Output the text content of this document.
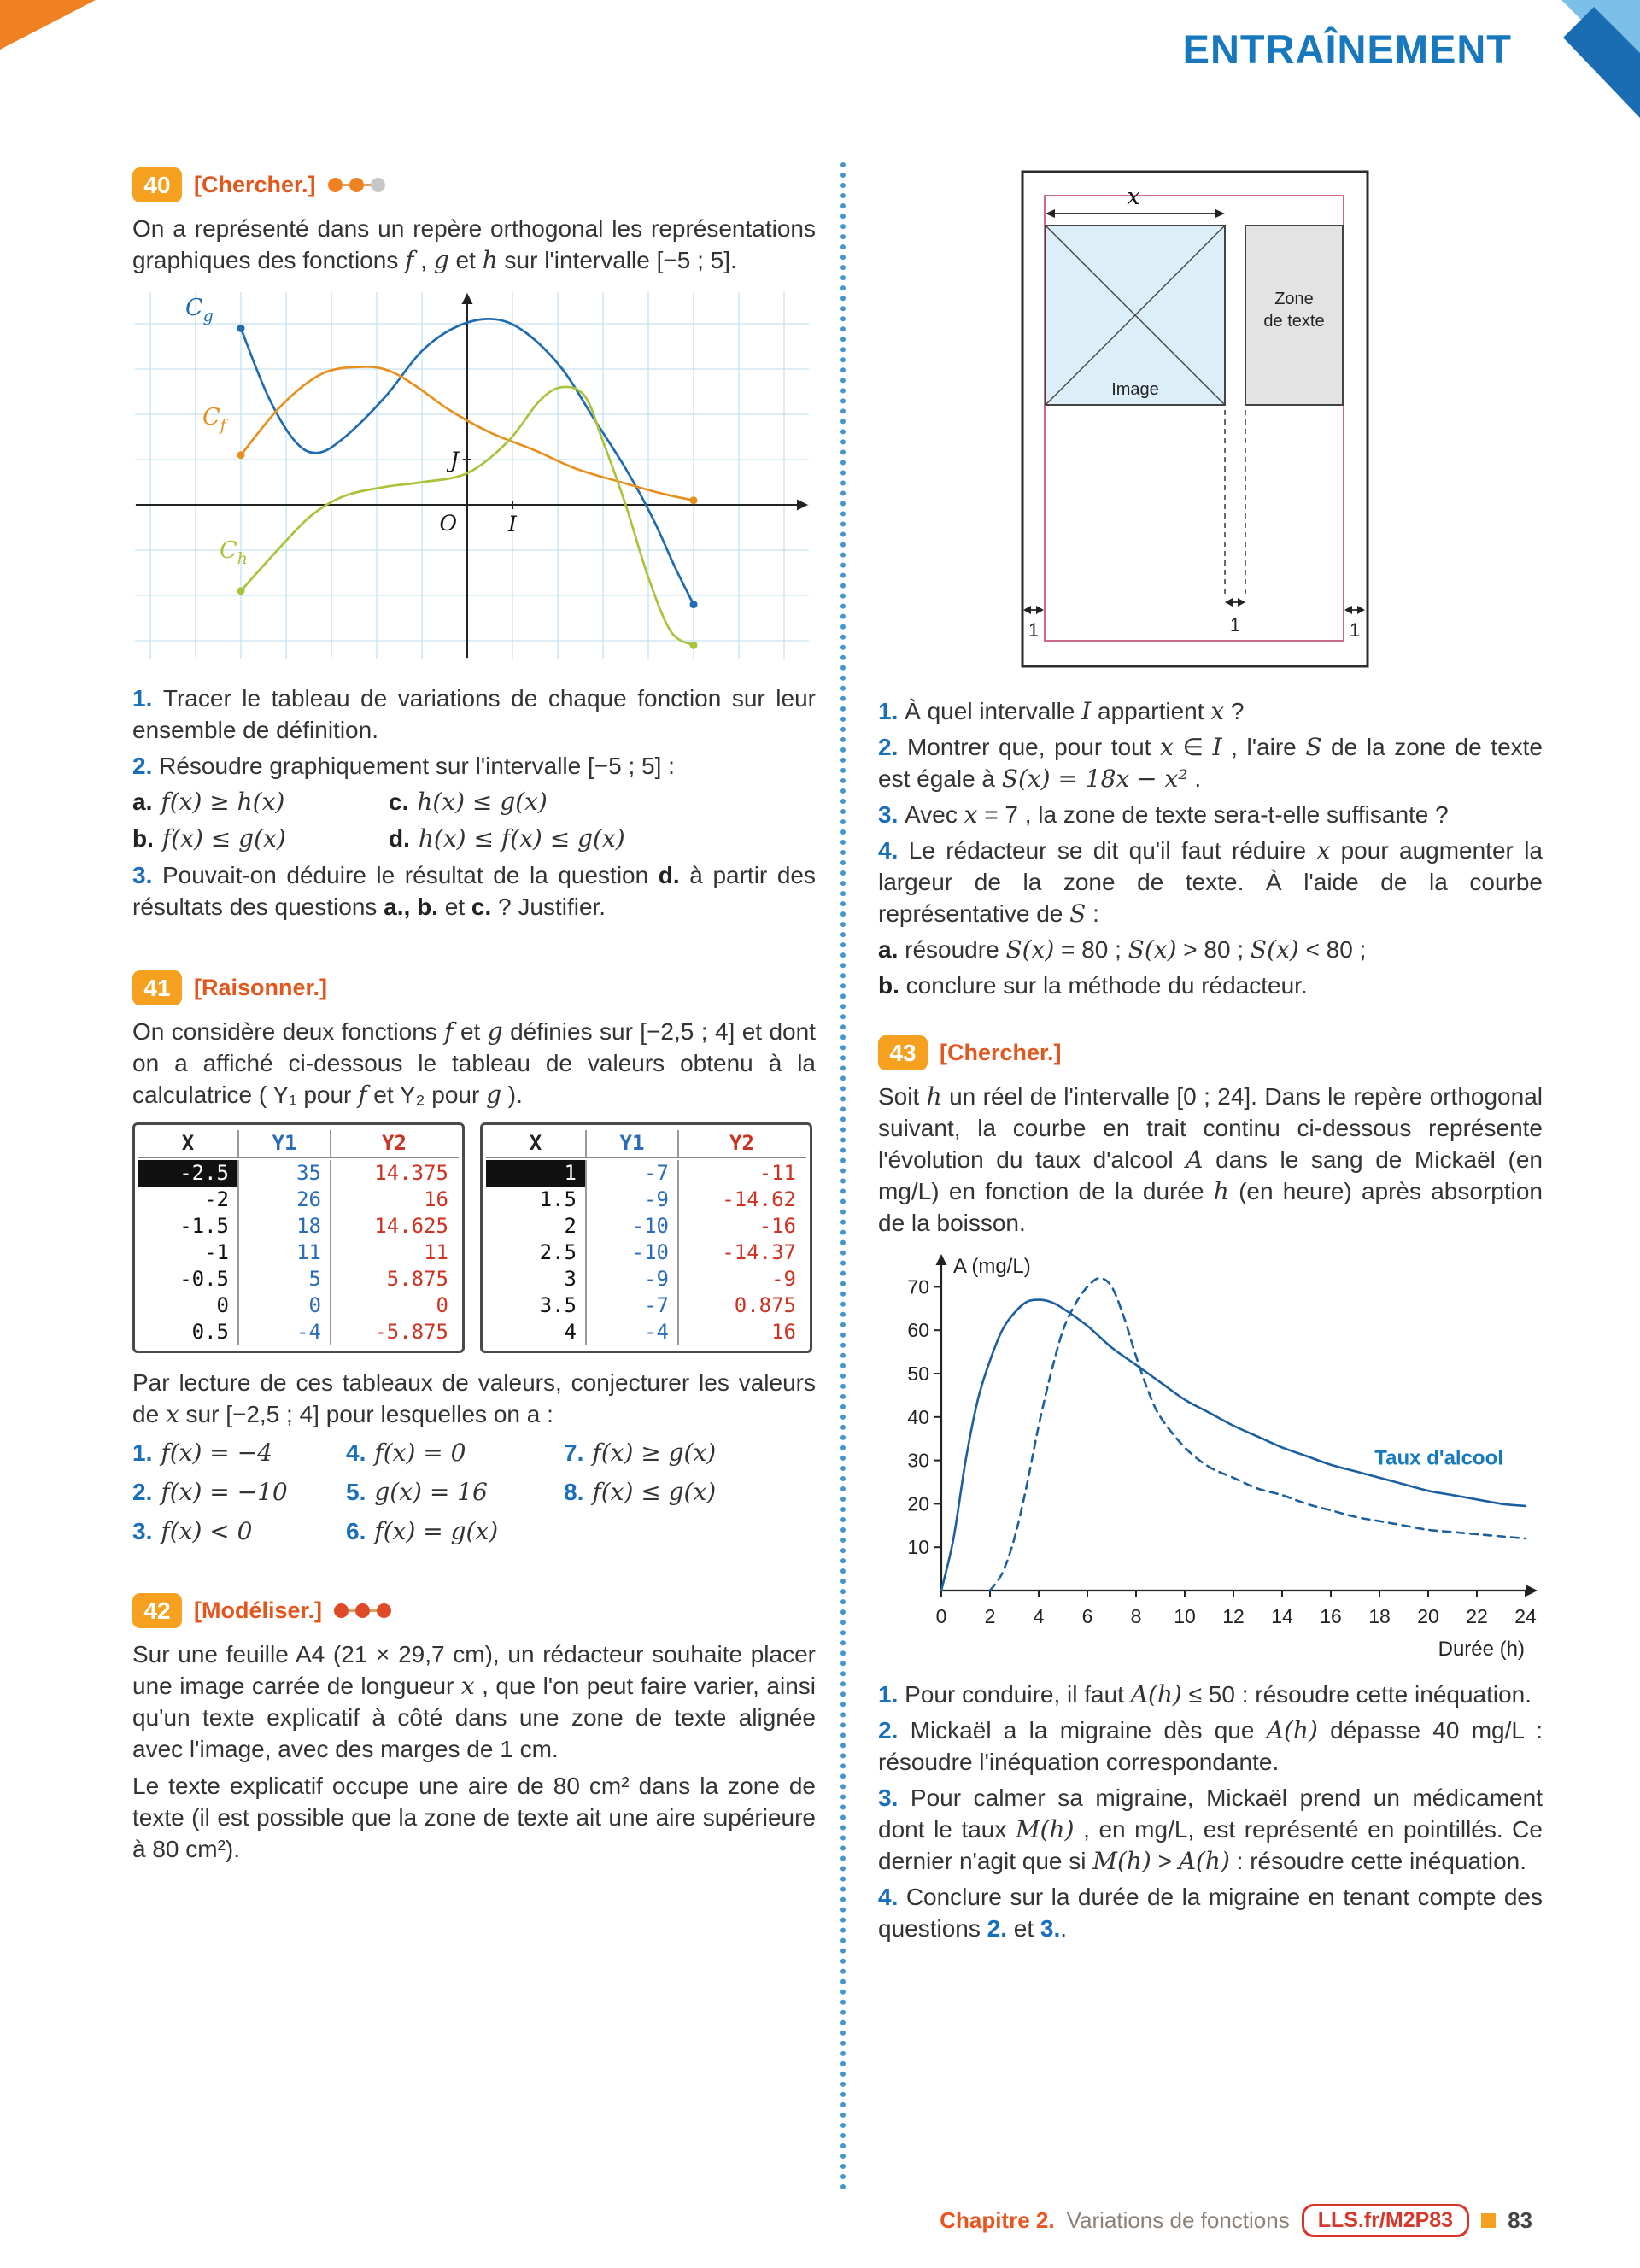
ENTRAÎNEMENT
40	[Chercher.]

On a représenté dans un repère orthogonal les représentations graphiques des fonctions f , g et h sur l'intervalle [−5 ; 5].

O I
J
$C_g$
$C_f$
$C_h$

1. Tracer le tableau de variations de chaque fonction sur leur ensemble de définition.

2. Résoudre graphiquement sur l'intervalle [−5 ; 5] :

a. f(x) ≥ h(x)	c. h(x) ≤ g(x)
b. f(x) ≤ g(x)	d. h(x) ≤ f(x) ≤ g(x)

3. Pouvait-on déduire le résultat de la question d. à partir des résultats des questions a., b. et c. ? Justifier.

41	[Raisonner.]

On considère deux fonctions f et g définies sur [−2,5 ; 4] et dont on a affiché ci-dessous le tableau de valeurs obtenu à la calculatrice ( Y₁ pour f et Y₂ pour g ).

X	Y1	Y2
-2.5	35	14.375
-2	26	16
-1.5	18	14.625
-1	11	11
-0.5	5	5.875
0	0	0
0.5	-4	-5.875
X	Y1	Y2
1	-7	-11
1.5	-9	-14.62
2	-10	-16
2.5	-10	-14.37
3	-9	-9
3.5	-7	0.875
4	-4	16

Par lecture de ces tableaux de valeurs, conjecturer les valeurs de x sur [−2,5 ; 4] pour lesquelles on a :

1. f(x) = −4	4. f(x) = 0	7. f(x) ≥ g(x)
2. f(x) = −10	5. g(x) = 16	8. f(x) ≤ g(x)
3. f(x) < 0	6. f(x) = g(x)
42	[Modéliser.]

Sur une feuille A4 (21 × 29,7 cm), un rédacteur souhaite placer une image carrée de longueur x , que l'on peut faire varier, ainsi qu'un texte explicatif à côté dans une zone de texte alignée avec l'image, avec des marges de 1 cm.

Le texte explicatif occupe une aire de 80 cm² dans la zone de texte (il est possible que la zone de texte ait une aire supérieure à 80 cm²).

x
Image
Zone
de texte
1
1	1

1. À quel intervalle I appartient x ?

2. Montrer que, pour tout x ∈ I , l'aire S de la zone de texte est égale à S(x) = 18x − x² .

3. Avec x = 7 , la zone de texte sera-t-elle suffisante ?

4. Le rédacteur se dit qu'il faut réduire x pour augmenter la largeur de la zone de texte. À l'aide de la courbe représentative de S :

a. résoudre S(x) = 80 ; S(x) > 80 ; S(x) < 80 ;

b. conclure sur la méthode du rédacteur.

43	[Chercher.]

Soit h un réel de l'intervalle [0 ; 24]. Dans le repère orthogonal suivant, la courbe en trait continu ci-dessous représente l'évolution du taux d'alcool A dans le sang de Mickaël (en mg/L) en fonction de la durée h (en heure) après absorption de la boisson.

0 2 4 6 8 10 12 14 16 18 20 22 24
10
20
30
40
50
60
70
A (mg/L)
Durée (h)
Taux d'alcool

1. Pour conduire, il faut A(h) ≤ 50 : résoudre cette inéquation.

2. Mickaël a la migraine dès que A(h) dépasse 40 mg/L : résoudre l'inéquation correspondante.

3. Pour calmer sa migraine, Mickaël prend un médicament dont le taux M(h) , en mg/L, est représenté en pointillés. Ce dernier n'agit que si M(h) > A(h) : résoudre cette inéquation.

4. Conclure sur la durée de la migraine en tenant compte des questions 2. et 3..

Chapitre 2. Variations de fonctions	LLS.fr/M2P83	83
